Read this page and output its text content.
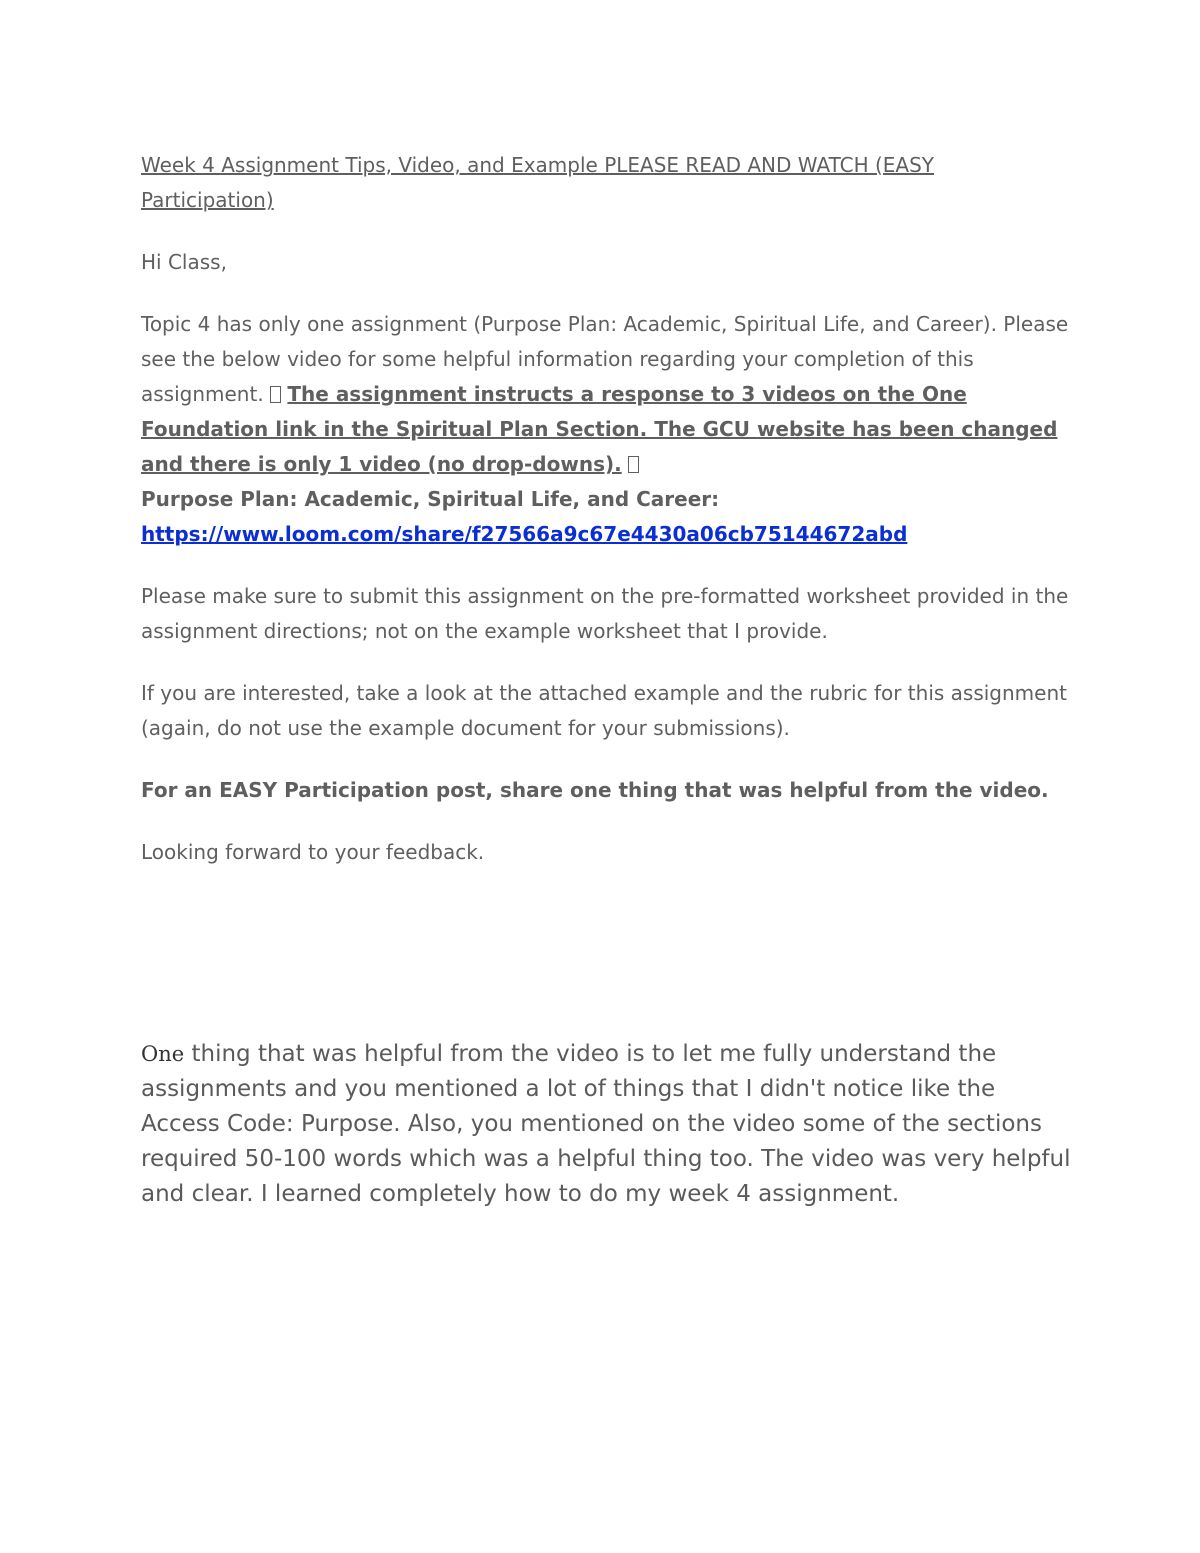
Week 4 Assignment Tips, Video, and Example PLEASE READ AND WATCH (EASY Participation)

Hi Class,

Topic 4 has only one assignment (Purpose Plan: Academic, Spiritual Life, and Career). Please see the below video for some helpful information regarding your completion of this assignment. The assignment instructs a response to 3 videos on the One Foundation link in the Spiritual Plan Section. The GCU website has been changed and there is only 1 video (no drop-downs).
Purpose Plan: Academic, Spiritual Life, and Career:
https://www.loom.com/share/f27566a9c67e4430a06cb75144672abd

Please make sure to submit this assignment on the pre-formatted worksheet provided in the assignment directions; not on the example worksheet that I provide.

If you are interested, take a look at the attached example and the rubric for this assignment (again, do not use the example document for your submissions).

For an EASY Participation post, share one thing that was helpful from the video.

Looking forward to your feedback.

One thing that was helpful from the video is to let me fully understand the assignments and you mentioned a lot of things that I didn't notice like the Access Code: Purpose. Also, you mentioned on the video some of the sections required 50-100 words which was a helpful thing too. The video was very helpful and clear. I learned completely how to do my week 4 assignment.
